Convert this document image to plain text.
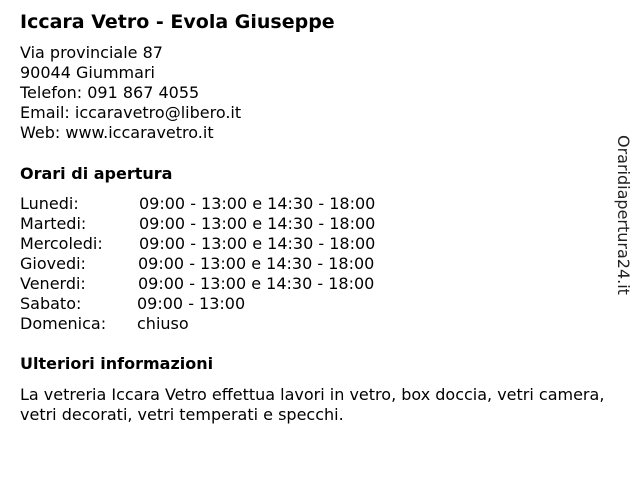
Iccara Vetro - Evola Giuseppe
Via provinciale 87
90044 Giummari
Telefon: 091 867 4055
Email: iccaravetro@libero.it
Web: www.iccaravetro.it
Orari di apertura
Lunedi:	09:00 - 13:00 e 14:30 - 18:00
Martedi:	09:00 - 13:00 e 14:30 - 18:00
Mercoledi: 09:00 - 13:00 e 14:30 - 18:00
Giovedi:	09:00 - 13:00 e 14:30 - 18:00
Venerdi:	09:00 - 13:00 e 14:30 - 18:00
Sabato:	09:00 - 13:00
Domenica: chiuso
Ulteriori informazioni
La vetreria Iccara Vetro effettua lavori in vetro, box doccia, vetri camera, vetri decorati, vetri temperati e specchi.
Oraridiapertura24.it
